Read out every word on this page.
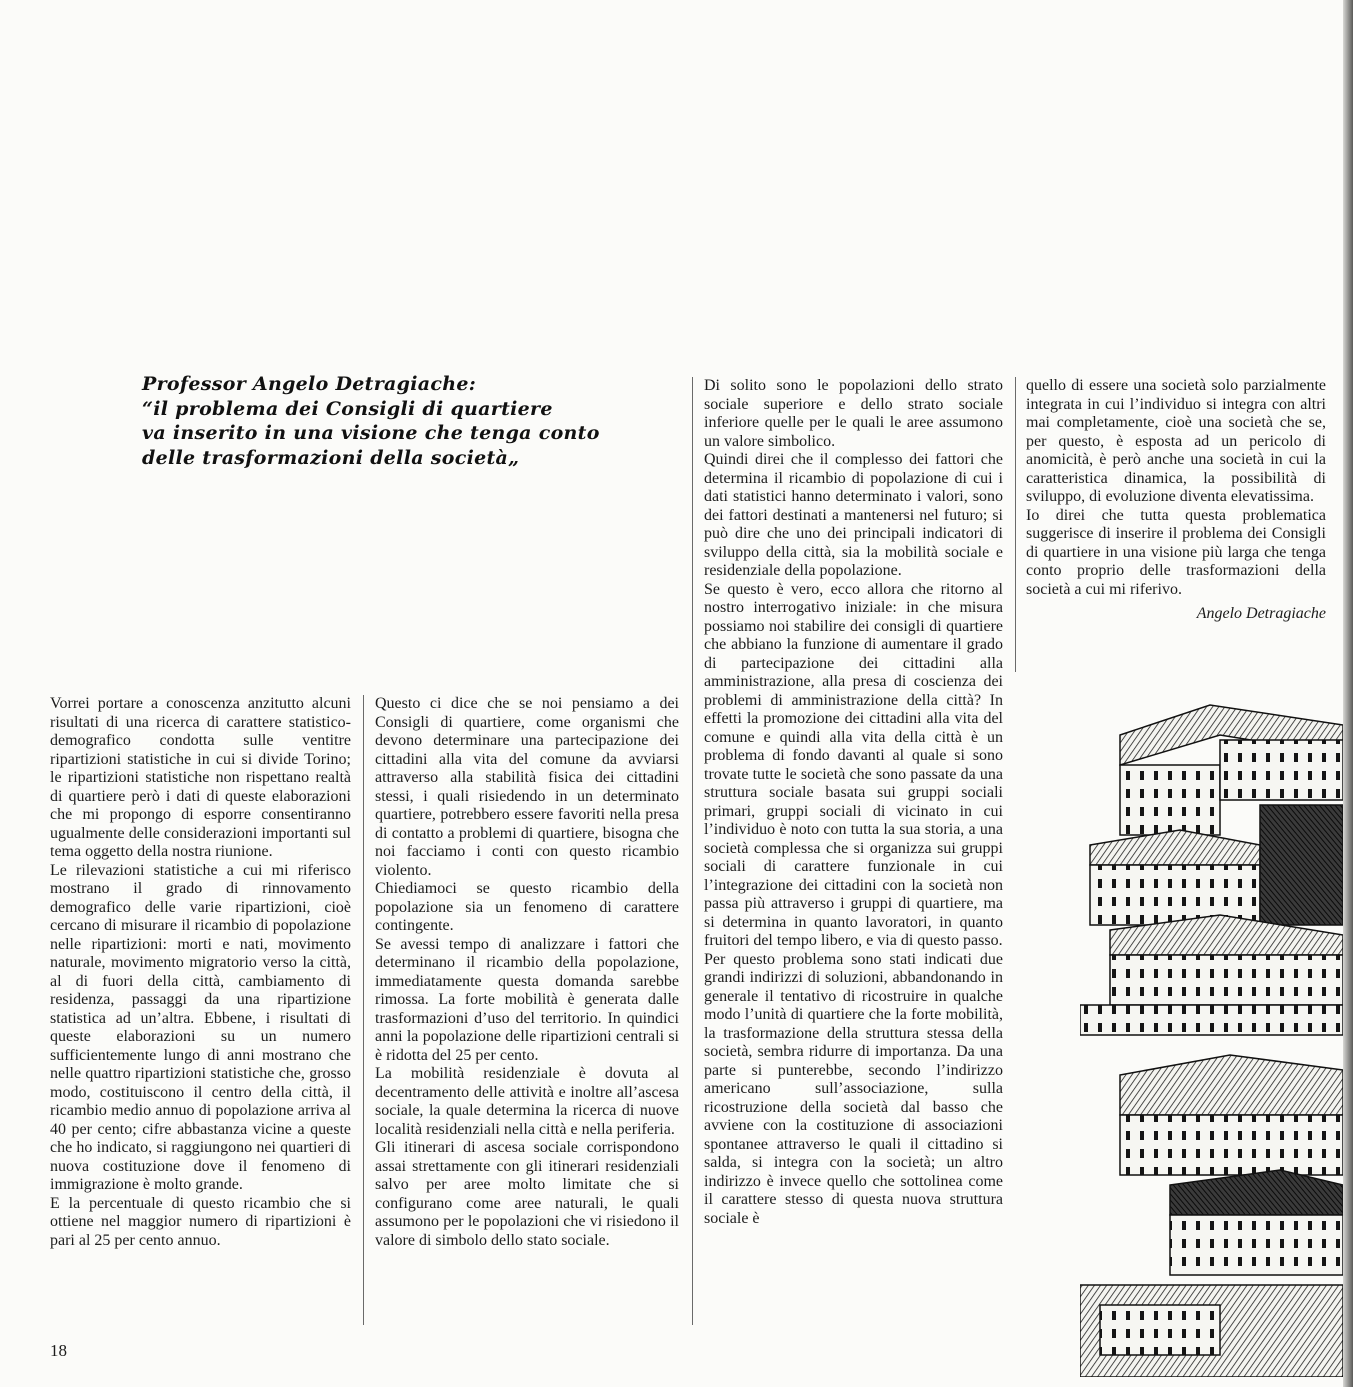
Professor Angelo Detragiache:
“il problema dei Consigli di quartiere
va inserito in una visione che tenga conto
delle trasformazioni della società„

Vorrei portare a conoscenza anzitutto alcuni risultati di una ricerca di carattere statistico-demografico condotta sulle ventitre ripartizioni statistiche in cui si divide Torino; le ripartizioni statistiche non rispettano realtà di quartiere però i dati di queste elaborazioni che mi propongo di esporre consentiranno ugualmente delle considerazioni importanti sul tema oggetto della nostra riunione.

Le rilevazioni statistiche a cui mi riferisco mostrano il grado di rinnovamento demografico delle varie ripartizioni, cioè cercano di misurare il ricambio di popolazione nelle ripartizioni: morti e nati, movimento naturale, movimento migratorio verso la città, al di fuori della città, cambiamento di residenza, passaggi da una ripartizione statistica ad un’altra. Ebbene, i risultati di queste elaborazioni su un numero sufficientemente lungo di anni mostrano che nelle quattro ripartizioni statistiche che, grosso modo, costituiscono il centro della città, il ricambio medio annuo di popolazione arriva al 40 per cento; cifre abbastanza vicine a queste che ho indicato, si raggiungono nei quartieri di nuova costituzione dove il fenomeno di immigrazione è molto grande.

E la percentuale di questo ricambio che si ottiene nel maggior numero di ripartizioni è pari al 25 per cento annuo.

Questo ci dice che se noi pensiamo a dei Consigli di quartiere, come organismi che devono determinare una partecipazione dei cittadini alla vita del comune da avviarsi attraverso alla stabilità fisica dei cittadini stessi, i quali risiedendo in un determinato quartiere, potrebbero essere favoriti nella presa di contatto a problemi di quartiere, bisogna che noi facciamo i conti con questo ricambio violento.

Chiediamoci se questo ricambio della popolazione sia un fenomeno di carattere contingente.

Se avessi tempo di analizzare i fattori che determinano il ricambio della popolazione, immediatamente questa domanda sarebbe rimossa. La forte mobilità è generata dalle trasformazioni d’uso del territorio. In quindici anni la popolazione delle ripartizioni centrali si è ridotta del 25 per cento.

La mobilità residenziale è dovuta al decentramento delle attività e inoltre all’ascesa sociale, la quale determina la ricerca di nuove località residenziali nella città e nella periferia.

Gli itinerari di ascesa sociale corrispondono assai strettamente con gli itinerari residenziali salvo per aree molto limitate che si configurano come aree naturali, le quali assumono per le popolazioni che vi risiedono il valore di simbolo dello stato sociale.

Di solito sono le popolazioni dello strato sociale superiore e dello strato sociale inferiore quelle per le quali le aree assumono un valore simbolico.

Quindi direi che il complesso dei fattori che determina il ricambio di popolazione di cui i dati statistici hanno determinato i valori, sono dei fattori destinati a mantenersi nel futuro; si può dire che uno dei principali indicatori di sviluppo della città, sia la mobilità sociale e residenziale della popolazione.

Se questo è vero, ecco allora che ritorno al nostro interrogativo iniziale: in che misura possiamo noi stabilire dei consigli di quartiere che abbiano la funzione di aumentare il grado di partecipazione dei cittadini alla amministrazione, alla presa di coscienza dei problemi di amministrazione della città? In effetti la promozione dei cittadini alla vita del comune e quindi alla vita della città è un problema di fondo davanti al quale si sono trovate tutte le società che sono passate da una struttura sociale basata sui gruppi sociali primari, gruppi sociali di vicinato in cui l’individuo è noto con tutta la sua storia, a una società complessa che si organizza sui gruppi sociali di carattere funzionale in cui l’integrazione dei cittadini con la società non passa più attraverso i gruppi di quartiere, ma si determina in quanto lavoratori, in quanto fruitori del tempo libero, e via di questo passo.

Per questo problema sono stati indicati due grandi indirizzi di soluzioni, abbandonando in generale il tentativo di ricostruire in qualche modo l’unità di quartiere che la forte mobilità, la trasformazione della struttura stessa della società, sembra ridurre di importanza. Da una parte si punterebbe, secondo l’indirizzo americano sull’associazione, sulla ricostruzione della società dal basso che avviene con la costituzione di associazioni spontanee attraverso le quali il cittadino si salda, si integra con la società; un altro indirizzo è invece quello che sottolinea come il carattere stesso di questa nuova struttura sociale è

quello di essere una società solo parzialmente integrata in cui l’individuo si integra con altri mai completamente, cioè una società che se, per questo, è esposta ad un pericolo di anomicità, è però anche una società in cui la caratteristica dinamica, la possibilità di sviluppo, di evoluzione diventa elevatissima.

Io direi che tutta questa problematica suggerisce di inserire il problema dei Consigli di quartiere in una visione più larga che tenga conto proprio delle trasformazioni della società a cui mi riferivo.

Angelo Detragiache

18
